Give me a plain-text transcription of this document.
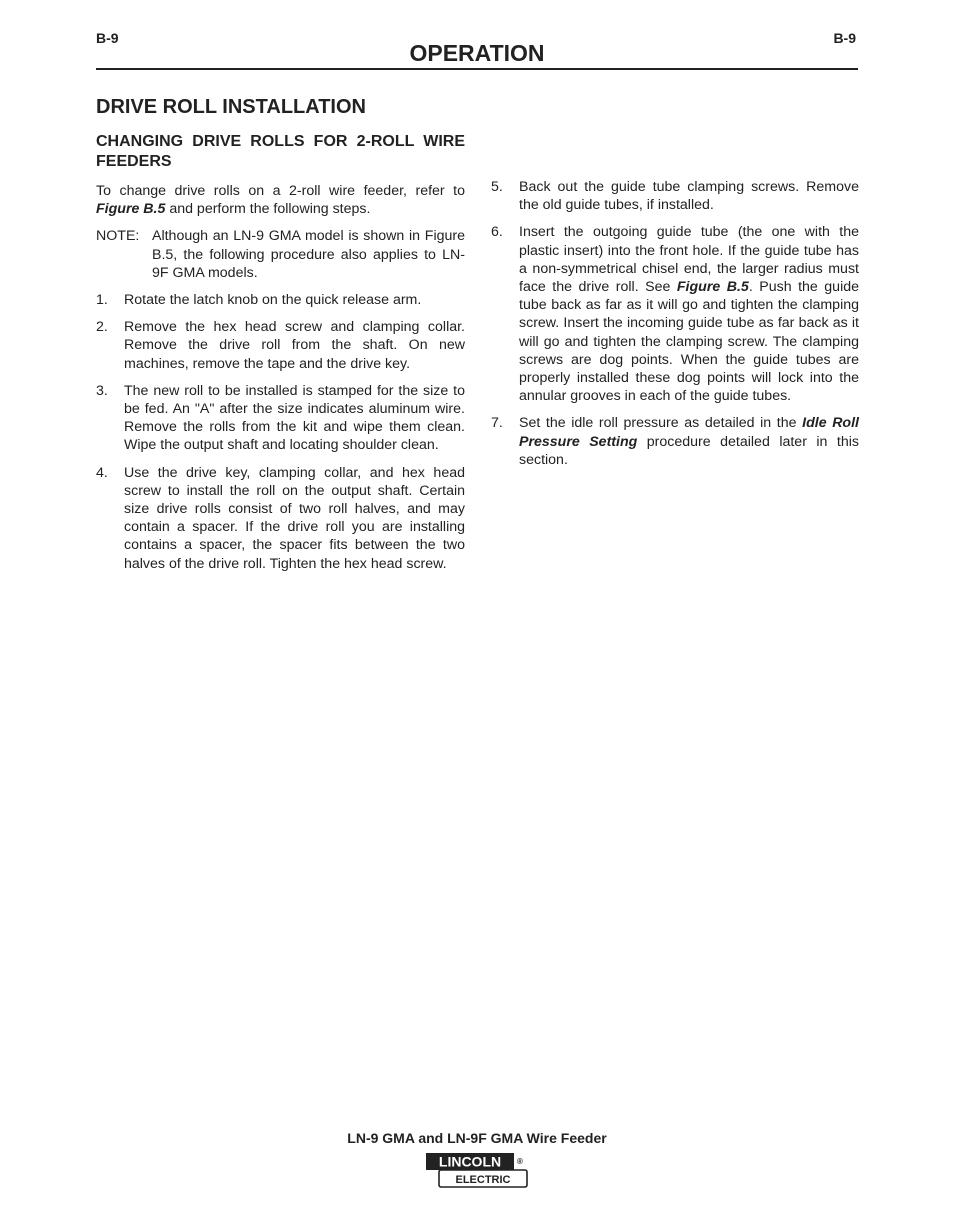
B-9	B-9
OPERATION
DRIVE ROLL INSTALLATION
CHANGING DRIVE ROLLS FOR 2-ROLL WIRE FEEDERS

To change drive rolls on a 2-roll wire feeder, refer to Figure B.5 and perform the following steps.

NOTE: Although an LN-9 GMA model is shown in Figure B.5, the following procedure also applies to LN-9F GMA models.
1.	Rotate the latch knob on the quick release arm.
2.	Remove the hex head screw and clamping collar. Remove the drive roll from the shaft. On new machines, remove the tape and the drive key.
3.	The new roll to be installed is stamped for the size to be fed. An "A" after the size indicates aluminum wire. Remove the rolls from the kit and wipe them clean. Wipe the output shaft and locating shoulder clean.
4.	Use the drive key, clamping collar, and hex head screw to install the roll on the output shaft. Certain size drive rolls consist of two roll halves, and may contain a spacer. If the drive roll you are installing contains a spacer, the spacer fits between the two halves of the drive roll. Tighten the hex head screw.
5.	Back out the guide tube clamping screws. Remove the old guide tubes, if installed.
6.	Insert the outgoing guide tube (the one with the plastic insert) into the front hole. If the guide tube has a non-symmetrical chisel end, the larger radius must face the drive roll. See Figure B.5. Push the guide tube back as far as it will go and tighten the clamping screw. Insert the incoming guide tube as far back as it will go and tighten the clamping screw. The clamping screws are dog points. When the guide tubes are properly installed these dog points will lock into the annular grooves in each of the guide tubes.
7.	Set the idle roll pressure as detailed in the Idle Roll Pressure Setting procedure detailed later in this section.
LN-9 GMA and LN-9F GMA Wire Feeder
LINCOLN ®
ELECTRIC
